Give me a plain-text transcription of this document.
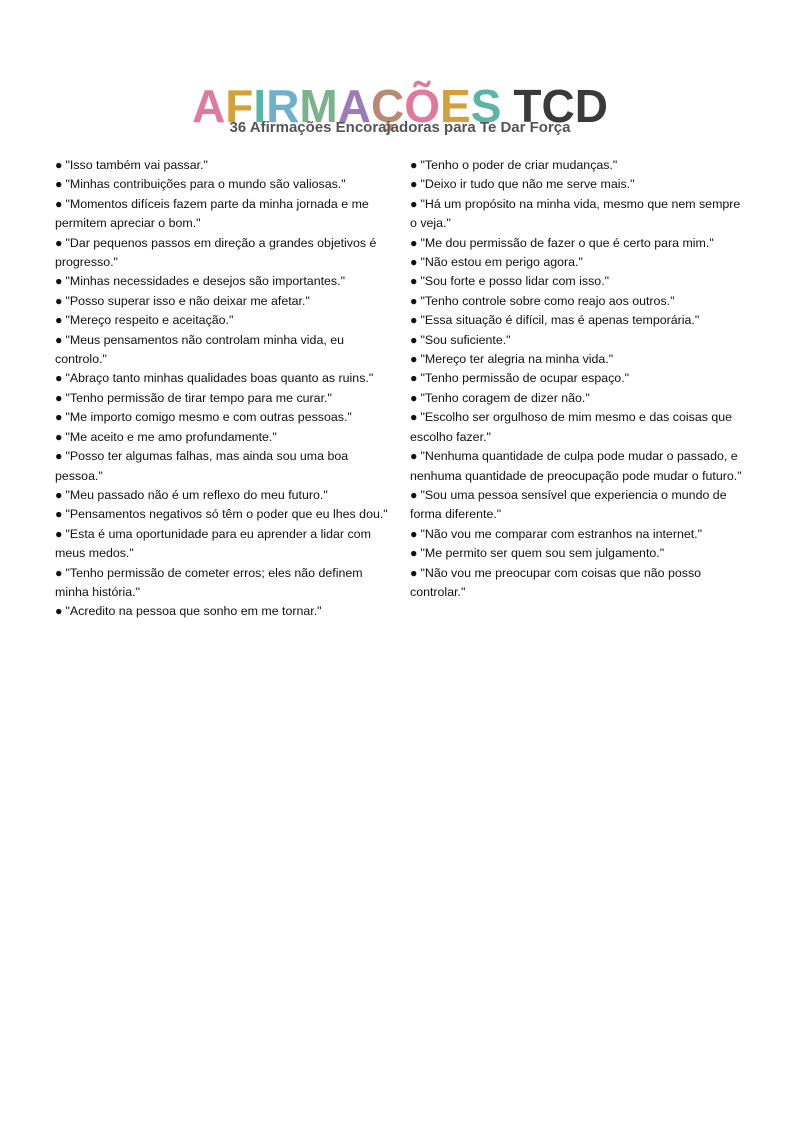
AFIRMAÇÕES TCD
36 Afirmações Encorajadoras para Te Dar Força

● "Isso também vai passar."

● "Minhas contribuições para o mundo são valiosas."

● "Momentos difíceis fazem parte da minha jornada e me permitem apreciar o bom."

● "Dar pequenos passos em direção a grandes objetivos é progresso."

● "Minhas necessidades e desejos são importantes."

● "Posso superar isso e não deixar me afetar."

● "Mereço respeito e aceitação."

● "Meus pensamentos não controlam minha vida, eu controlo."

● "Abraço tanto minhas qualidades boas quanto as ruins."

● "Tenho permissão de tirar tempo para me curar."

● "Me importo comigo mesmo e com outras pessoas."

● "Me aceito e me amo profundamente."

● "Posso ter algumas falhas, mas ainda sou uma boa pessoa."

● "Meu passado não é um reflexo do meu futuro."

● "Pensamentos negativos só têm o poder que eu lhes dou."

● "Esta é uma oportunidade para eu aprender a lidar com meus medos."

● "Tenho permissão de cometer erros; eles não definem minha história."

● "Acredito na pessoa que sonho em me tornar."

● "Tenho o poder de criar mudanças."

● "Deixo ir tudo que não me serve mais."

● "Há um propósito na minha vida, mesmo que nem sempre o veja."

● "Me dou permissão de fazer o que é certo para mim."

● "Não estou em perigo agora."

● "Sou forte e posso lidar com isso."

● "Tenho controle sobre como reajo aos outros."

● "Essa situação é difícil, mas é apenas temporária."

● "Sou suficiente."

● "Mereço ter alegria na minha vida."

● "Tenho permissão de ocupar espaço."

● "Tenho coragem de dizer não."

● "Escolho ser orgulhoso de mim mesmo e das coisas que escolho fazer."

● "Nenhuma quantidade de culpa pode mudar o passado, e nenhuma quantidade de preocupação pode mudar o futuro."

● "Sou uma pessoa sensível que experiencia o mundo de forma diferente."

● "Não vou me comparar com estranhos na internet."

● "Me permito ser quem sou sem julgamento."

● "Não vou me preocupar com coisas que não posso controlar."
